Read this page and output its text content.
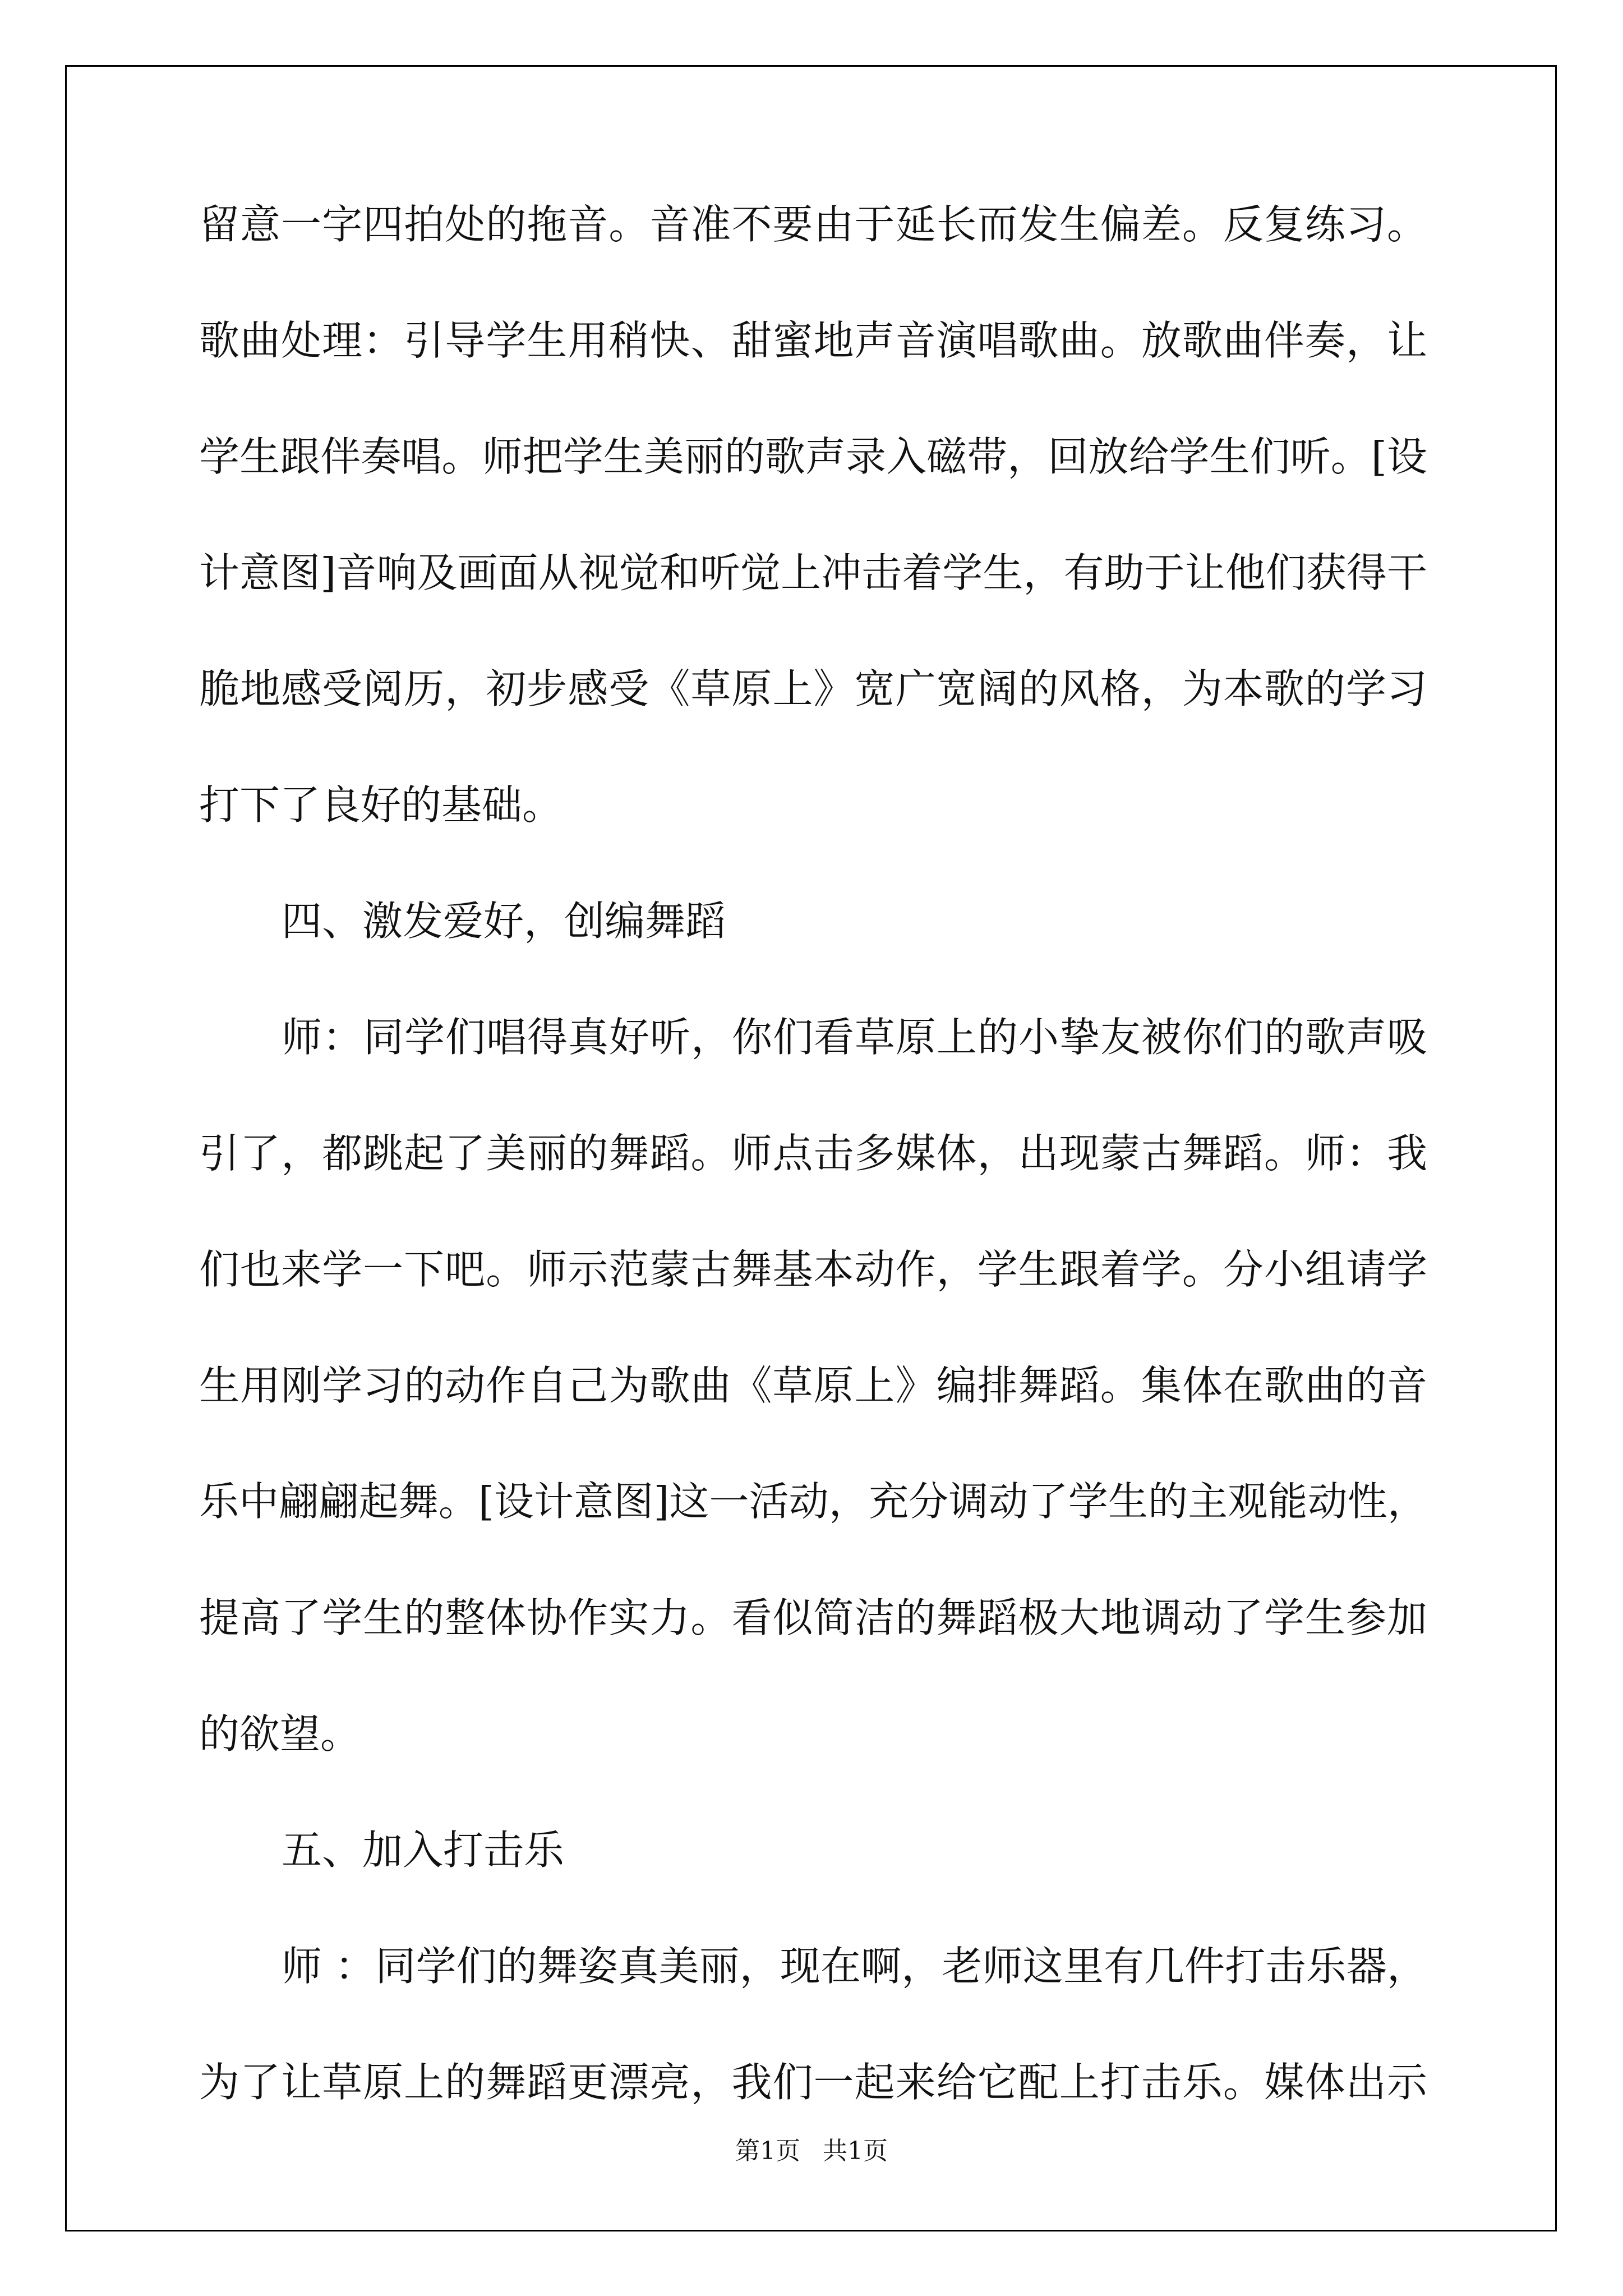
留意一字四拍处的拖音。音准不要由于延长而发生偏差。反复练习。
歌曲处理：引导学生用稍快、甜蜜地声音演唱歌曲。放歌曲伴奏，让
学生跟伴奏唱。师把学生美丽的歌声录入磁带，回放给学生们听。[设
计意图]音响及画面从视觉和听觉上冲击着学生，有助于让他们获得干
脆地感受阅历，初步感受《草原上》宽广宽阔的风格，为本歌的学习
打下了良好的基础。
四、激发爱好，创编舞蹈
师：同学们唱得真好听，你们看草原上的小挚友被你们的歌声吸
引了，都跳起了美丽的舞蹈。师点击多媒体，出现蒙古舞蹈。师：我
们也来学一下吧。师示范蒙古舞基本动作，学生跟着学。分小组请学
生用刚学习的动作自己为歌曲《草原上》编排舞蹈。集体在歌曲的音
乐中翩翩起舞。[设计意图]这一活动，充分调动了学生的主观能动性，
提高了学生的整体协作实力。看似简洁的舞蹈极大地调动了学生参加
的欲望。
五、加入打击乐
师 ：同学们的舞姿真美丽，现在啊，老师这里有几件打击乐器，
为了让草原上的舞蹈更漂亮，我们一起来给它配上打击乐。媒体出示
第1页 共1页
